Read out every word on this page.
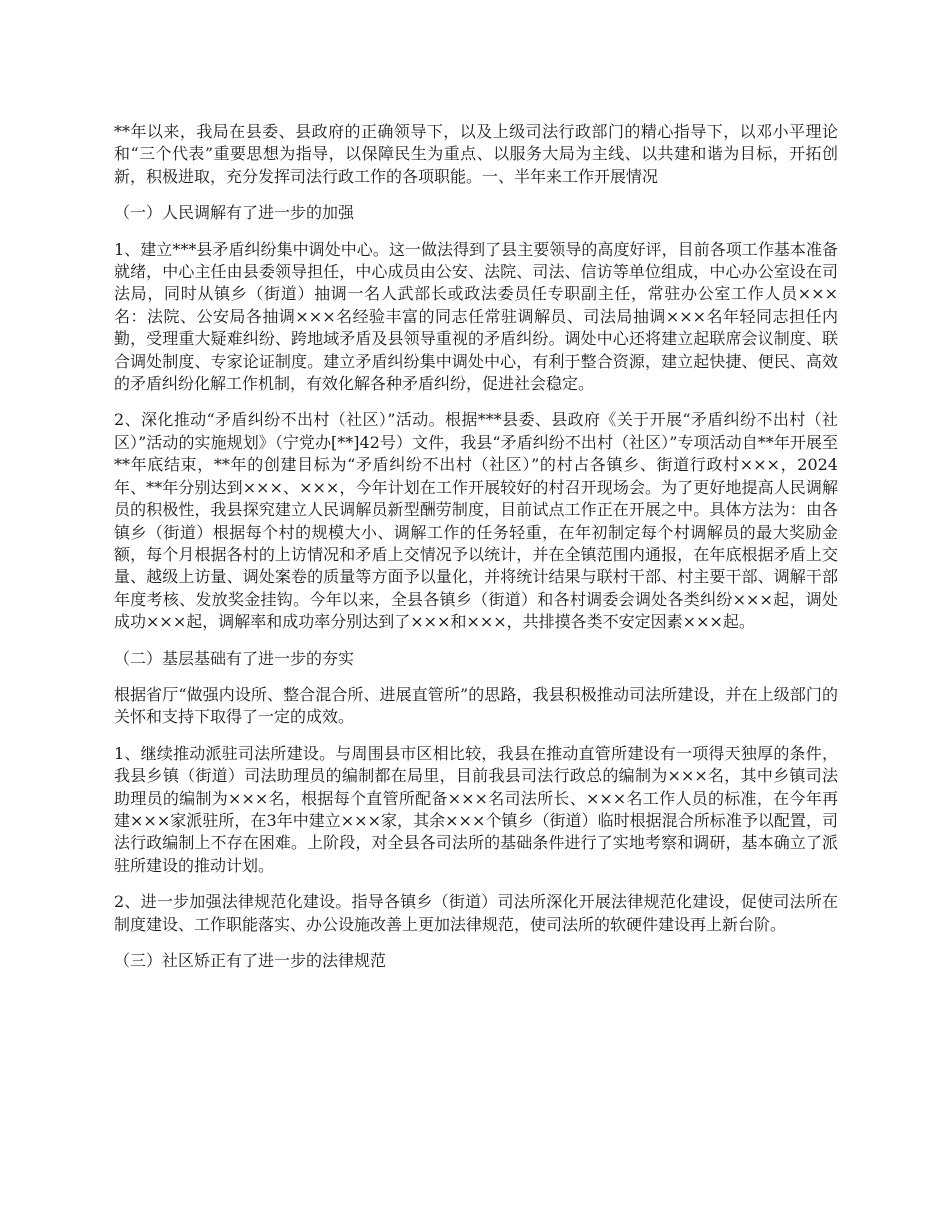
**年以来，我局在县委、县政府的正确领导下，以及上级司法行政部门的精心指导下，以邓小平理论和“三个代表”重要思想为指导，以保障民生为重点、以服务大局为主线、以共建和谐为目标，开拓创新，积极进取，充分发挥司法行政工作的各项职能。一、半年来工作开展情况

（一）人民调解有了进一步的加强

1、建立***县矛盾纠纷集中调处中心。这一做法得到了县主要领导的高度好评，目前各项工作基本准备就绪，中心主任由县委领导担任，中心成员由公安、法院、司法、信访等单位组成，中心办公室设在司法局，同时从镇乡（街道）抽调一名人武部长或政法委员任专职副主任，常驻办公室工作人员×××名：法院、公安局各抽调×××名经验丰富的同志任常驻调解员、司法局抽调×××名年轻同志担任内勤，受理重大疑难纠纷、跨地域矛盾及县领导重视的矛盾纠纷。调处中心还将建立起联席会议制度、联合调处制度、专家论证制度。建立矛盾纠纷集中调处中心，有利于整合资源，建立起快捷、便民、高效的矛盾纠纷化解工作机制，有效化解各种矛盾纠纷，促进社会稳定。

2、深化推动“矛盾纠纷不出村（社区）”活动。根据***县委、县政府《关于开展“矛盾纠纷不出村（社区）”活动的实施规划》（宁党办[**]42号）文件，我县“矛盾纠纷不出村（社区）”专项活动自**年开展至**年底结束，**年的创建目标为“矛盾纠纷不出村（社区）”的村占各镇乡、街道行政村×××，2024年、**年分别达到×××、×××，今年计划在工作开展较好的村召开现场会。为了更好地提高人民调解员的积极性，我县探究建立人民调解员新型酬劳制度，目前试点工作正在开展之中。具体方法为：由各镇乡（街道）根据每个村的规模大小、调解工作的任务轻重，在年初制定每个村调解员的最大奖励金额，每个月根据各村的上访情况和矛盾上交情况予以统计，并在全镇范围内通报，在年底根据矛盾上交量、越级上访量、调处案卷的质量等方面予以量化，并将统计结果与联村干部、村主要干部、调解干部年度考核、发放奖金挂钩。今年以来，全县各镇乡（街道）和各村调委会调处各类纠纷×××起，调处成功×××起，调解率和成功率分别达到了×××和×××，共排摸各类不安定因素×××起。

（二）基层基础有了进一步的夯实

根据省厅“做强内设所、整合混合所、进展直管所”的思路，我县积极推动司法所建设，并在上级部门的关怀和支持下取得了一定的成效。

1、继续推动派驻司法所建设。与周围县市区相比较，我县在推动直管所建设有一项得天独厚的条件，我县乡镇（街道）司法助理员的编制都在局里，目前我县司法行政总的编制为×××名，其中乡镇司法助理员的编制为×××名，根据每个直管所配备×××名司法所长、×××名工作人员的标准，在今年再建×××家派驻所，在3年中建立×××家，其余×××个镇乡（街道）临时根据混合所标准予以配置，司法行政编制上不存在困难。上阶段，对全县各司法所的基础条件进行了实地考察和调研，基本确立了派驻所建设的推动计划。

2、进一步加强法律规范化建设。指导各镇乡（街道）司法所深化开展法律规范化建设，促使司法所在制度建设、工作职能落实、办公设施改善上更加法律规范，使司法所的软硬件建设再上新台阶。

（三）社区矫正有了进一步的法律规范
